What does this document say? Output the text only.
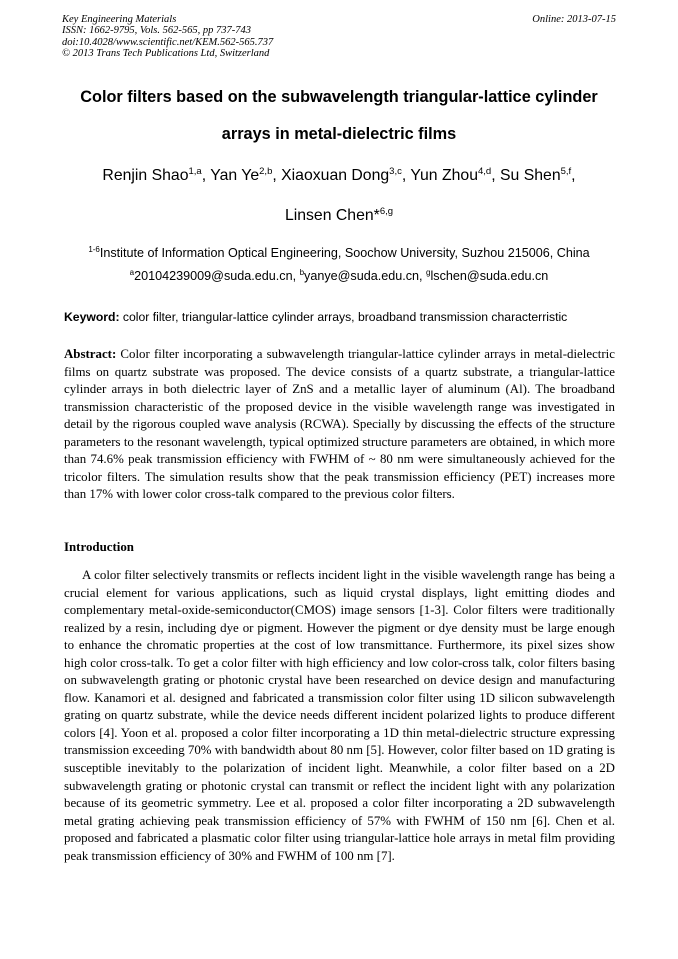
Key Engineering Materials
ISSN: 1662-9795, Vols. 562-565, pp 737-743
doi:10.4028/www.scientific.net/KEM.562-565.737
© 2013 Trans Tech Publications Ltd, Switzerland
Online: 2013-07-15
Color filters based on the subwavelength triangular-lattice cylinder
arrays in metal-dielectric films
Renjin Shao$^{1,a}$, Yan Ye$^{2,b}$, Xiaoxuan Dong$^{3,c}$, Yun Zhou$^{4,d}$, Su Shen$^{5,f}$,
Linsen Chen*$^{6,g}$
$^{1-6}$Institute of Information Optical Engineering, Soochow University, Suzhou 215006, China
$^a$20104239009@suda.edu.cn, $^b$yanye@suda.edu.cn, $^g$lschen@suda.edu.cn
Keyword: color filter, triangular-lattice cylinder arrays, broadband transmission characterristic

Abstract: Color filter incorporating a subwavelength triangular-lattice cylinder arrays in metal-dielectric films on quartz substrate was proposed. The device consists of a quartz substrate, a triangular-lattice cylinder arrays in both dielectric layer of ZnS and a metallic layer of aluminum (Al). The broadband transmission characteristic of the proposed device in the visible wavelength range was investigated in detail by the rigorous coupled wave analysis (RCWA). Specially by discussing the effects of the structure parameters to the resonant wavelength, typical optimized structure parameters are obtained, in which more than 74.6% peak transmission efficiency with FWHM of ~ 80 nm were simultaneously achieved for the tricolor filters. The simulation results show that the peak transmission efficiency (PET) increases more than 17% with lower color cross-talk compared to the previous color filters.

Introduction

A color filter selectively transmits or reflects incident light in the visible wavelength range has being a crucial element for various applications, such as liquid crystal displays, light emitting diodes and complementary metal-oxide-semiconductor(CMOS) image sensors [1-3]. Color filters were traditionally realized by a resin, including dye or pigment. However the pigment or dye density must be large enough to enhance the chromatic properties at the cost of low transmittance. Furthermore, its pixel sizes show high color cross-talk. To get a color filter with high efficiency and low color-cross talk, color filters basing on subwavelength grating or photonic crystal have been researched on device design and manufacturing flow. Kanamori et al. designed and fabricated a transmission color filter using 1D silicon subwavelength grating on quartz substrate, while the device needs different incident polarized lights to produce different colors [4]. Yoon et al. proposed a color filter incorporating a 1D thin metal-dielectric structure expressing transmission exceeding 70% with bandwidth about 80 nm [5]. However, color filter based on 1D grating is susceptible inevitably to the polarization of incident light. Meanwhile, a color filter based on a 2D subwavelength grating or photonic crystal can transmit or reflect the incident light with any polarization because of its geometric symmetry. Lee et al. proposed a color filter incorporating a 2D subwavelength metal grating achieving peak transmission efficiency of 57% with FWHM of 150 nm [6]. Chen et al. proposed and fabricated a plasmatic color filter using triangular-lattice hole arrays in metal film providing peak transmission efficiency of 30% and FWHM of 100 nm [7].
